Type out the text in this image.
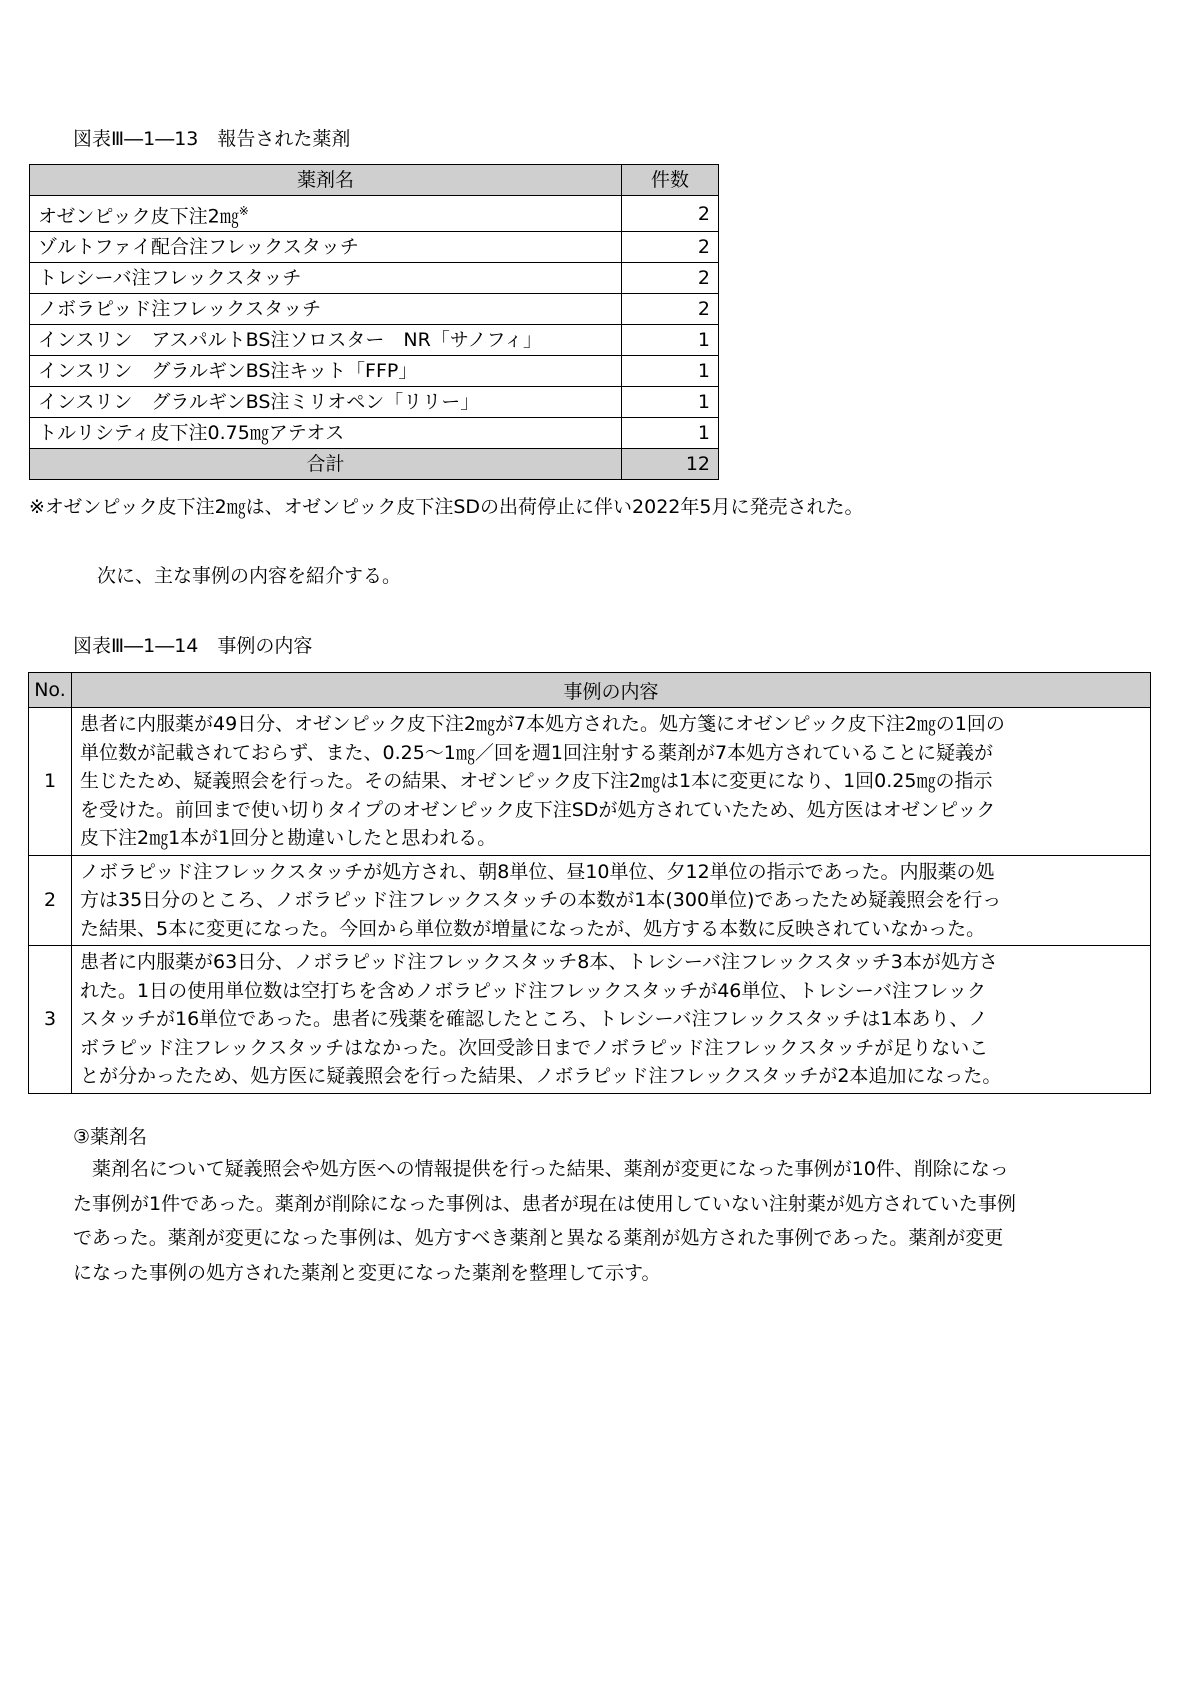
図表Ⅲ―1―13　報告された薬剤
薬剤名	件数
オゼンピック皮下注2㎎※	2
ゾルトファイ配合注フレックスタッチ	2
トレシーバ注フレックスタッチ	2
ノボラピッド注フレックスタッチ	2
インスリン　アスパルトBS注ソロスター　NR「サノフィ」	1
インスリン　グラルギンBS注キット「FFP」	1
インスリン　グラルギンBS注ミリオペン「リリー」	1
トルリシティ皮下注0.75㎎アテオス	1
合計	12
※オゼンピック皮下注2㎎は、オゼンピック皮下注SDの出荷停止に伴い2022年5月に発売された。
次に、主な事例の内容を紹介する。
図表Ⅲ―1―14　事例の内容
No.	事例の内容
1	患者に内服薬が49日分、オゼンピック皮下注2㎎が7本処方された。処方箋にオゼンピック皮下注2㎎の1回の
単位数が記載されておらず、また、0.25～1㎎／回を週1回注射する薬剤が7本処方されていることに疑義が
生じたため、疑義照会を行った。その結果、オゼンピック皮下注2㎎は1本に変更になり、1回0.25㎎の指示
を受けた。前回まで使い切りタイプのオゼンピック皮下注SDが処方されていたため、処方医はオゼンピック
皮下注2㎎1本が1回分と勘違いしたと思われる。

2	ノボラピッド注フレックスタッチが処方され、朝8単位、昼10単位、夕12単位の指示であった。内服薬の処
方は35日分のところ、ノボラピッド注フレックスタッチの本数が1本(300単位)であったため疑義照会を行っ
た結果、5本に変更になった。今回から単位数が増量になったが、処方する本数に反映されていなかった。

3	患者に内服薬が63日分、ノボラピッド注フレックスタッチ8本、トレシーバ注フレックスタッチ3本が処方さ
れた。1日の使用単位数は空打ちを含めノボラピッド注フレックスタッチが46単位、トレシーバ注フレック
スタッチが16単位であった。患者に残薬を確認したところ、トレシーバ注フレックスタッチは1本あり、ノ
ボラピッド注フレックスタッチはなかった。次回受診日までノボラピッド注フレックスタッチが足りないこ
とが分かったため、処方医に疑義照会を行った結果、ノボラピッド注フレックスタッチが2本追加になった。
③薬剤名
　薬剤名について疑義照会や処方医への情報提供を行った結果、薬剤が変更になった事例が10件、削除になっ
た事例が1件であった。薬剤が削除になった事例は、患者が現在は使用していない注射薬が処方されていた事例
であった。薬剤が変更になった事例は、処方すべき薬剤と異なる薬剤が処方された事例であった。薬剤が変更
になった事例の処方された薬剤と変更になった薬剤を整理して示す。
